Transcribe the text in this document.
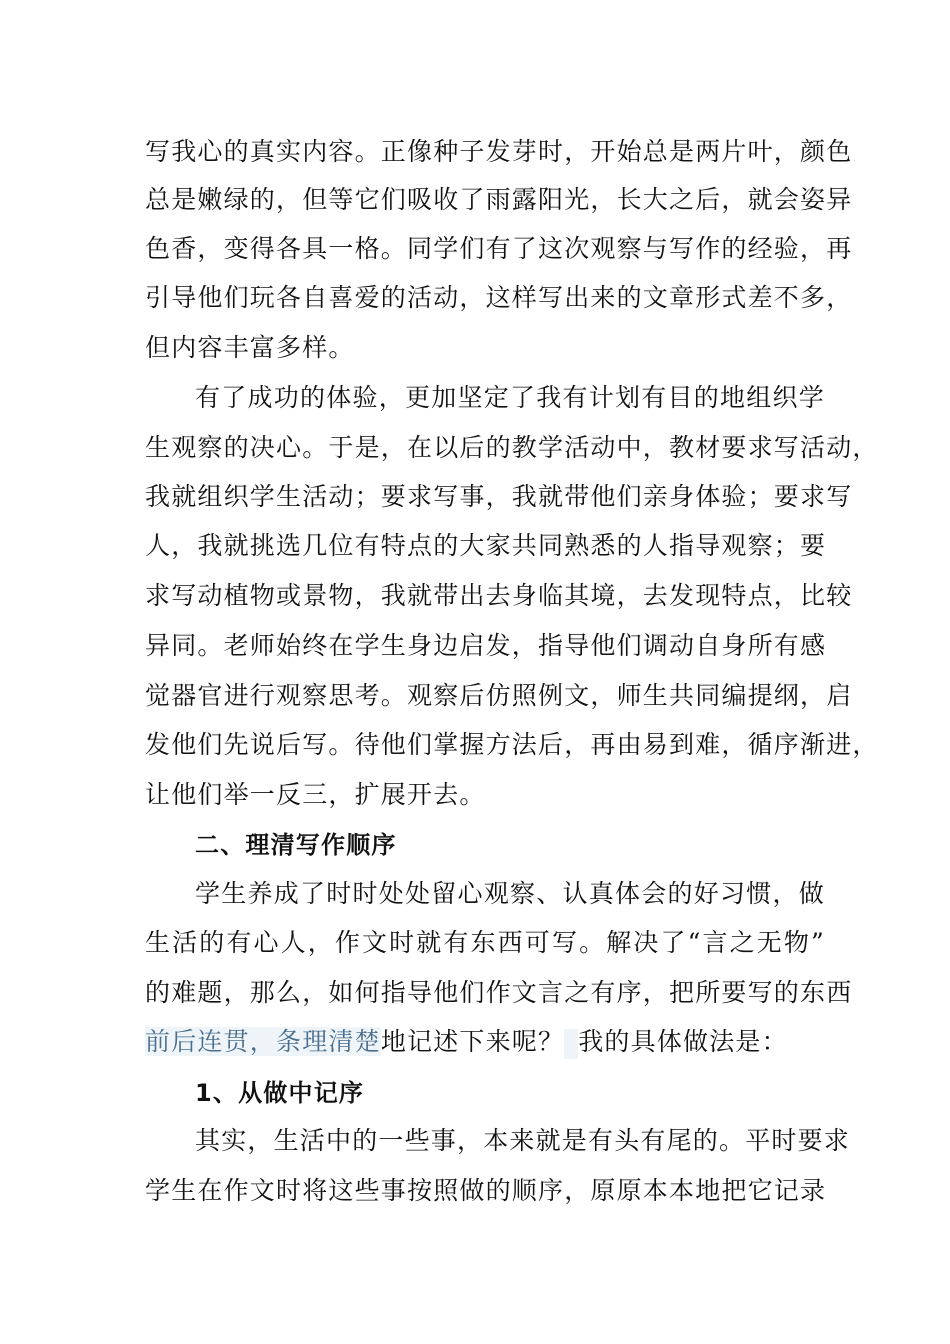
写我心的真实内容。正像种子发芽时，开始总是两片叶，颜色
总是嫩绿的，但等它们吸收了雨露阳光，长大之后，就会姿异
色香，变得各具一格。同学们有了这次观察与写作的经验，再
引导他们玩各自喜爱的活动，这样写出来的文章形式差不多，
但内容丰富多样。
有了成功的体验，更加坚定了我有计划有目的地组织学
生观察的决心。于是，在以后的教学活动中，教材要求写活动，
我就组织学生活动；要求写事，我就带他们亲身体验；要求写
人，我就挑选几位有特点的大家共同熟悉的人指导观察；要
求写动植物或景物，我就带出去身临其境，去发现特点，比较
异同。老师始终在学生身边启发，指导他们调动自身所有感
觉器官进行观察思考。观察后仿照例文，师生共同编提纲，启
发他们先说后写。待他们掌握方法后，再由易到难，循序渐进，
让他们举一反三，扩展开去。
二、理清写作顺序
学生养成了时时处处留心观察、认真体会的好习惯，做
生活的有心人，作文时就有东西可写。解决了“言之无物”
的难题，那么，如何指导他们作文言之有序，把所要写的东西
前后连贯，条理清楚地记述下来呢？ 我的具体做法是：
1、从做中记序
其实，生活中的一些事，本来就是有头有尾的。平时要求
学生在作文时将这些事按照做的顺序，原原本本地把它记录
